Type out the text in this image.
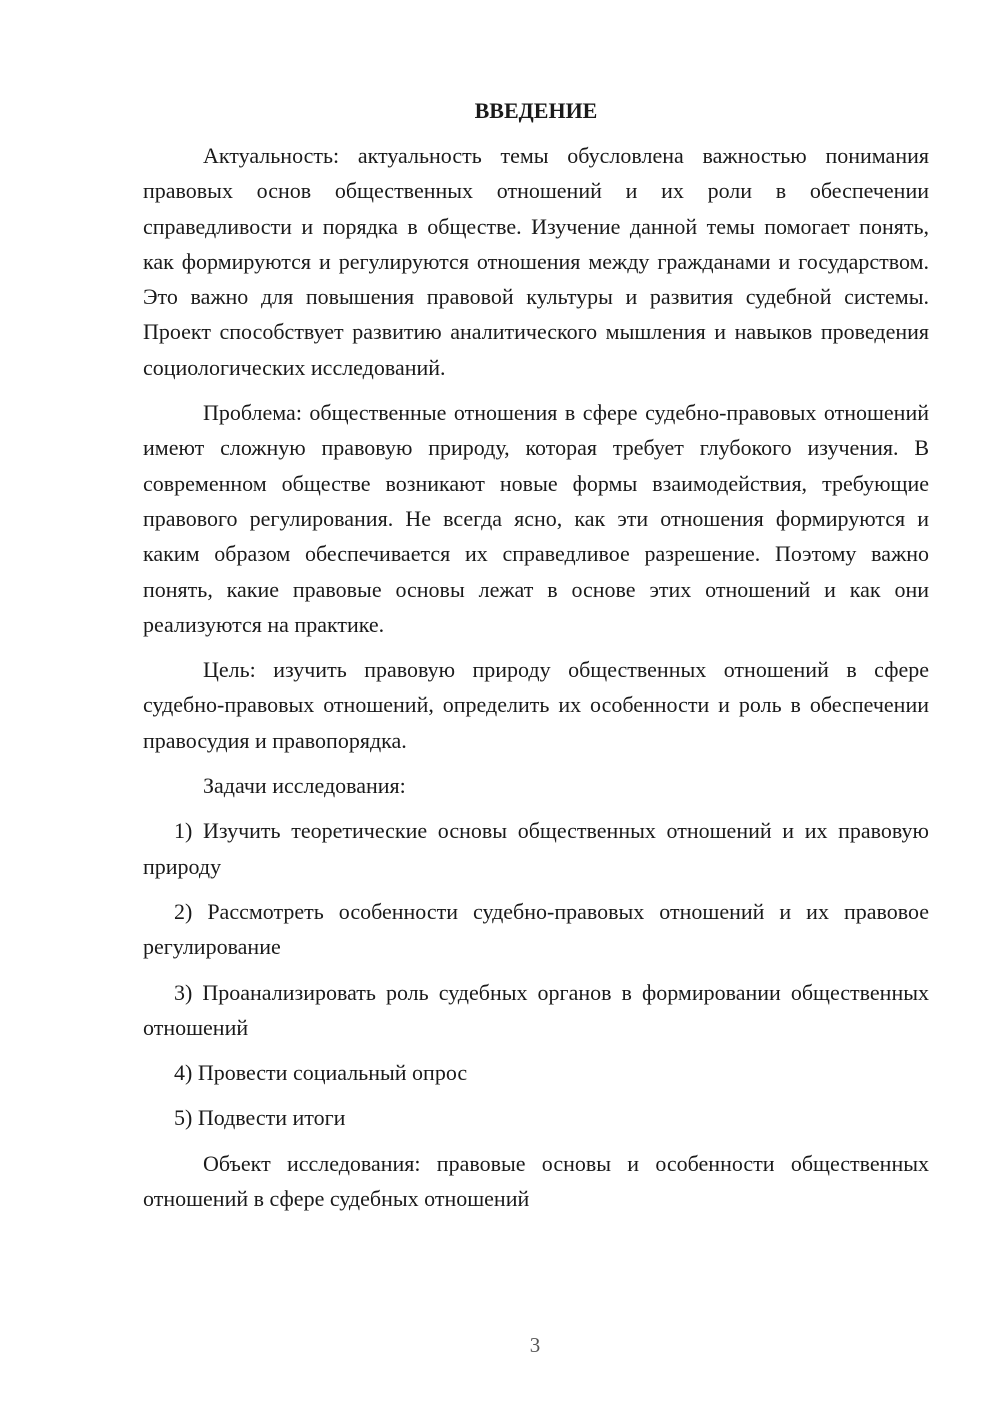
ВВЕДЕНИЕ

Актуальность: актуальность темы обусловлена важностью понимания правовых основ общественных отношений и их роли в обеспечении справедливости и порядка в обществе. Изучение данной темы помогает понять, как формируются и регулируются отношения между гражданами и государством. Это важно для повышения правовой культуры и развития судебной системы. Проект способствует развитию аналитического мышления и навыков проведения социологических исследований.

Проблема: общественные отношения в сфере судебно-правовых отношений имеют сложную правовую природу, которая требует глубокого изучения. В современном обществе возникают новые формы взаимодействия, требующие правового регулирования. Не всегда ясно, как эти отношения формируются и каким образом обеспечивается их справедливое разрешение. Поэтому важно понять, какие правовые основы лежат в основе этих отношений и как они реализуются на практике.

Цель: изучить правовую природу общественных отношений в сфере судебно-правовых отношений, определить их особенности и роль в обеспечении правосудия и правопорядка.

Задачи исследования:

1) Изучить теоретические основы общественных отношений и их правовую природу

2) Рассмотреть особенности судебно-правовых отношений и их правовое регулирование

3) Проанализировать роль судебных органов в формировании общественных отношений

4) Провести социальный опрос

5) Подвести итоги

Объект исследования: правовые основы и особенности общественных отношений в сфере судебных отношений

3
